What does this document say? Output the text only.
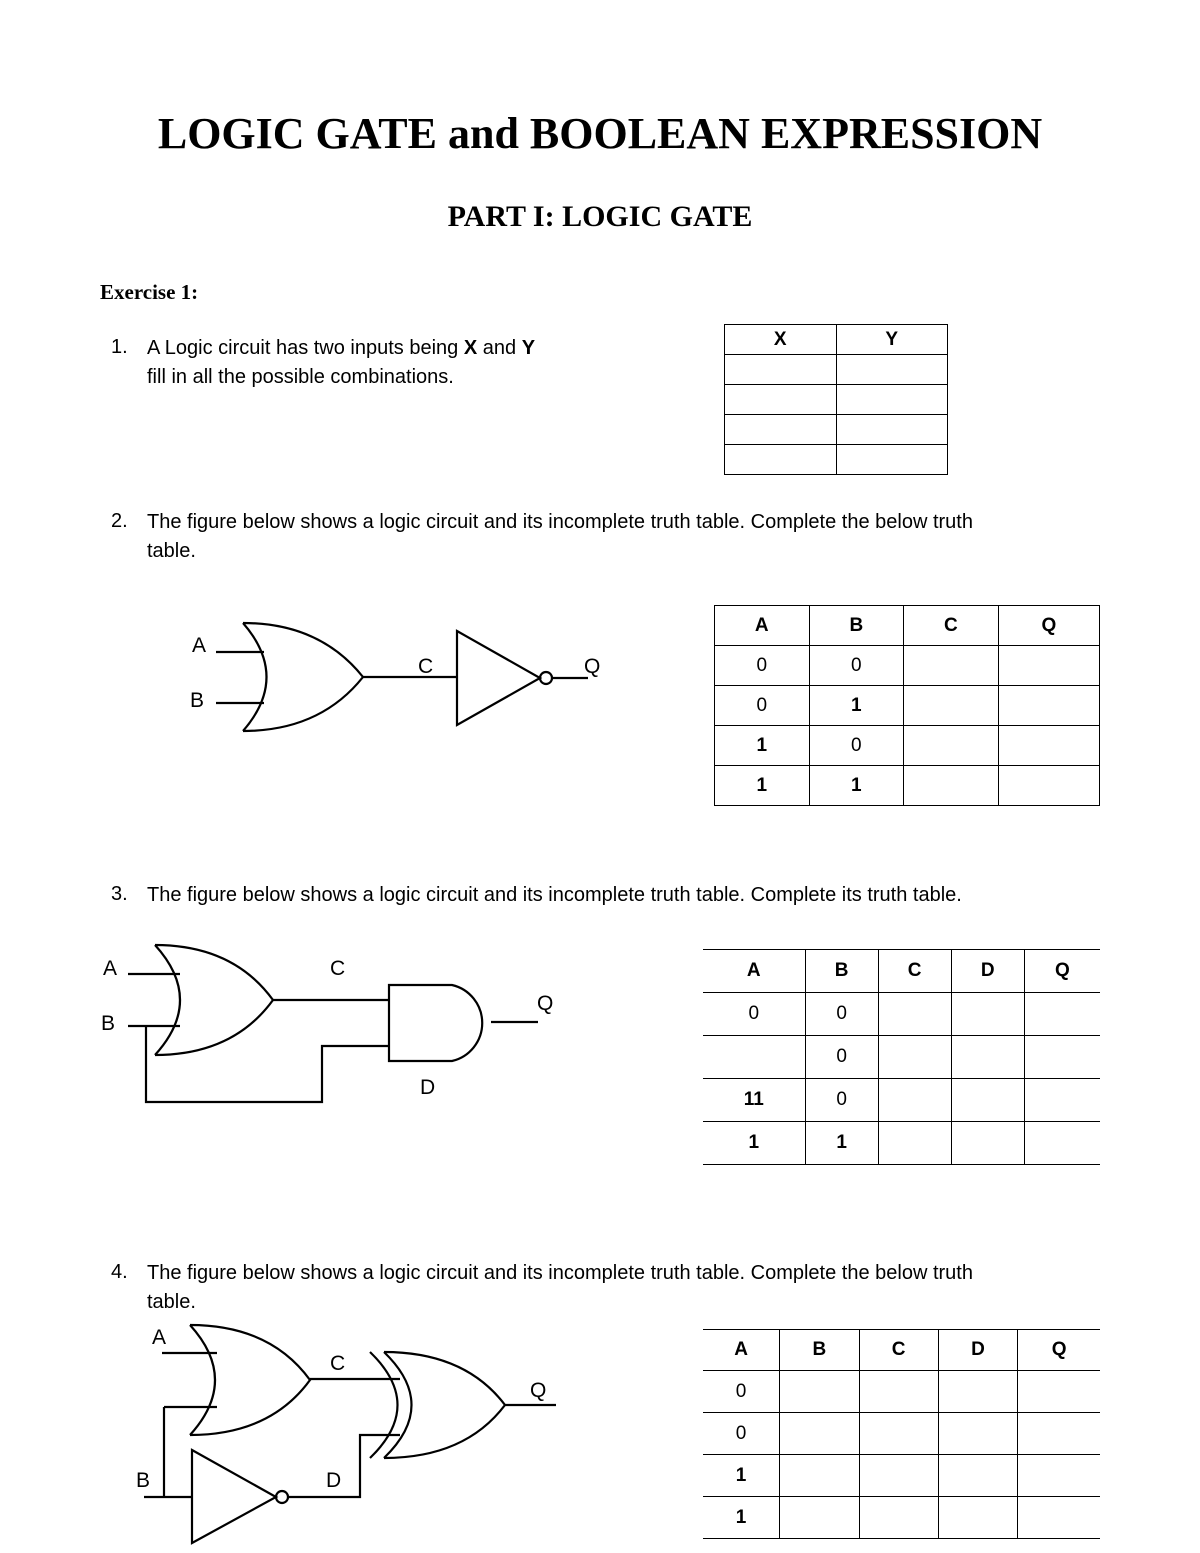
LOGIC GATE and BOOLEAN EXPRESSION
PART I: LOGIC GATE
Exercise 1:
1. A Logic circuit has two inputs being X and Y
fill in all the possible combinations.
X	Y

2. The figure below shows a logic circuit and its incomplete truth table. Complete the below truth
table.
A
B
C	Q
A
B
C
D
Q
A
B
C
D
Q
A	B	C	Q
0	0		
0	1		
1	0		
1	1		
3. The figure below shows a logic circuit and its incomplete truth table. Complete its truth table.
A	B	C	D	Q
0	0			
	0			
11	0			
1	1			
4. The figure below shows a logic circuit and its incomplete truth table. Complete the below truth
table.
A	B	C	D	Q
0				
0				
1				
1				
